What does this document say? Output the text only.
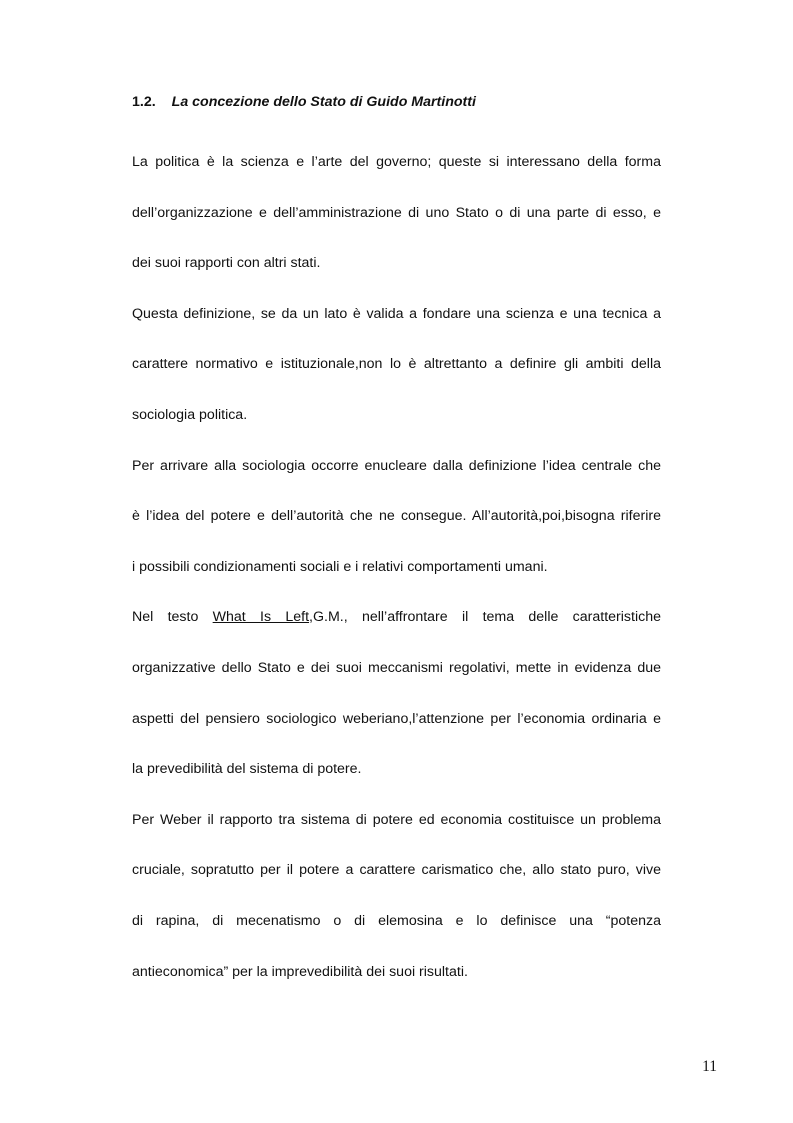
1.2. La concezione dello Stato di Guido Martinotti

La politica è la scienza e l’arte del governo; queste si interessano della forma
dell’organizzazione e dell’amministrazione di uno Stato o di una parte di esso, e
dei suoi rapporti con altri stati.

Questa definizione, se da un lato è valida a fondare una scienza e una tecnica a
carattere normativo e istituzionale,non lo è altrettanto a definire gli ambiti della
sociologia politica.

Per arrivare alla sociologia occorre enucleare dalla definizione l’idea centrale che
è l’idea del potere e dell’autorità che ne consegue. All’autorità,poi,bisogna riferire
i possibili condizionamenti sociali e i relativi comportamenti umani.

Nel testo What Is Left,G.M., nell’affrontare il tema delle caratteristiche
organizzative dello Stato e dei suoi meccanismi regolativi, mette in evidenza due
aspetti del pensiero sociologico weberiano,l’attenzione per l’economia ordinaria e
la prevedibilità del sistema di potere.

Per Weber il rapporto tra sistema di potere ed economia costituisce un problema
cruciale, sopratutto per il potere a carattere carismatico che, allo stato puro, vive
di rapina, di mecenatismo o di elemosina e lo definisce una “potenza
antieconomica” per la imprevedibilità dei suoi risultati.

11
